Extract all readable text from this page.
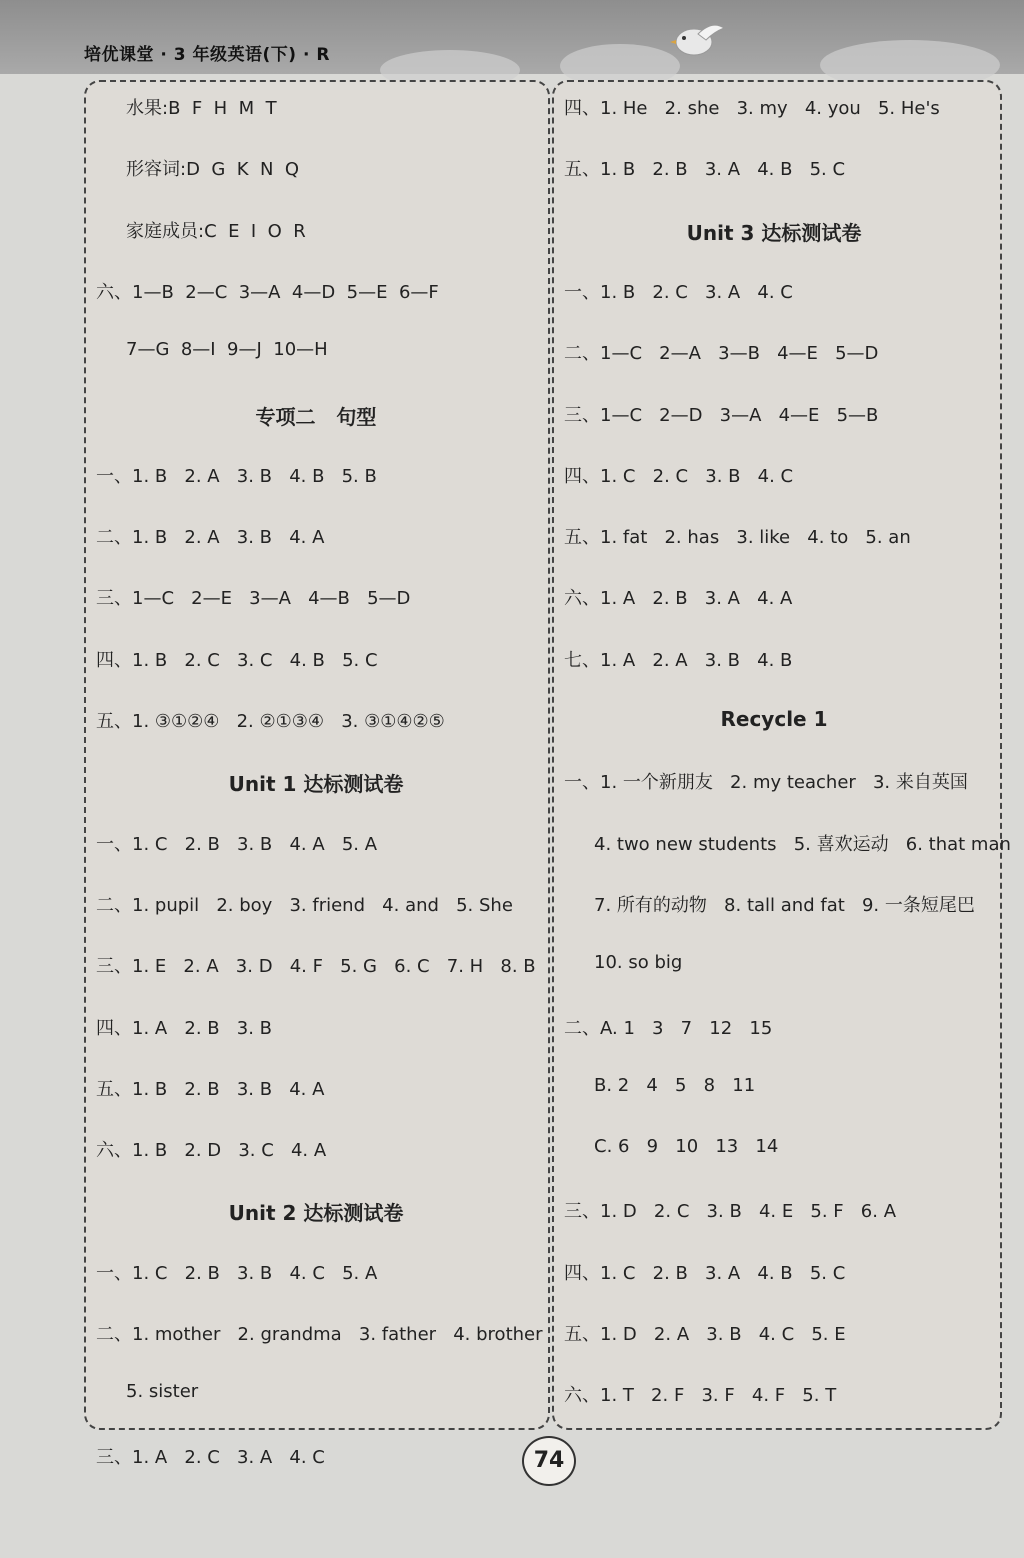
培优课堂 · 3 年级英语(下) · R
水果:B  F  H  M  T
形容词:D  G  K  N  Q
家庭成员:C  E  I  O  R
六、1—B  2—C  3—A  4—D  5—E  6—F
7—G  8—I  9—J  10—H
专项二   句型
一、1. B   2. A   3. B   4. B   5. B
二、1. B   2. A   3. B   4. A
三、1—C   2—E   3—A   4—B   5—D
四、1. B   2. C   3. C   4. B   5. C
五、1. ③①②④   2. ②①③④   3. ③①④②⑤
Unit 1 达标测试卷
一、1. C   2. B   3. B   4. A   5. A
二、1. pupil   2. boy   3. friend   4. and   5. She
三、1. E   2. A   3. D   4. F   5. G   6. C   7. H   8. B
四、1. A   2. B   3. B
五、1. B   2. B   3. B   4. A
六、1. B   2. D   3. C   4. A
Unit 2 达标测试卷
一、1. C   2. B   3. B   4. C   5. A
二、1. mother   2. grandma   3. father   4. brother
5. sister
三、1. A   2. C   3. A   4. C
四、1. He   2. she   3. my   4. you   5. He's
五、1. B   2. B   3. A   4. B   5. C
Unit 3 达标测试卷
一、1. B   2. C   3. A   4. C
二、1—C   2—A   3—B   4—E   5—D
三、1—C   2—D   3—A   4—E   5—B
四、1. C   2. C   3. B   4. C
五、1. fat   2. has   3. like   4. to   5. an
六、1. A   2. B   3. A   4. A
七、1. A   2. A   3. B   4. B
Recycle 1
一、1. 一个新朋友   2. my teacher   3. 来自英国
4. two new students   5. 喜欢运动   6. that man
7. 所有的动物   8. tall and fat   9. 一条短尾巴
10. so big
二、A. 1   3   7   12   15
B. 2   4   5   8   11
C. 6   9   10   13   14
三、1. D   2. C   3. B   4. E   5. F   6. A
四、1. C   2. B   3. A   4. B   5. C
五、1. D   2. A   3. B   4. C   5. E
六、1. T   2. F   3. F   4. F   5. T
74
